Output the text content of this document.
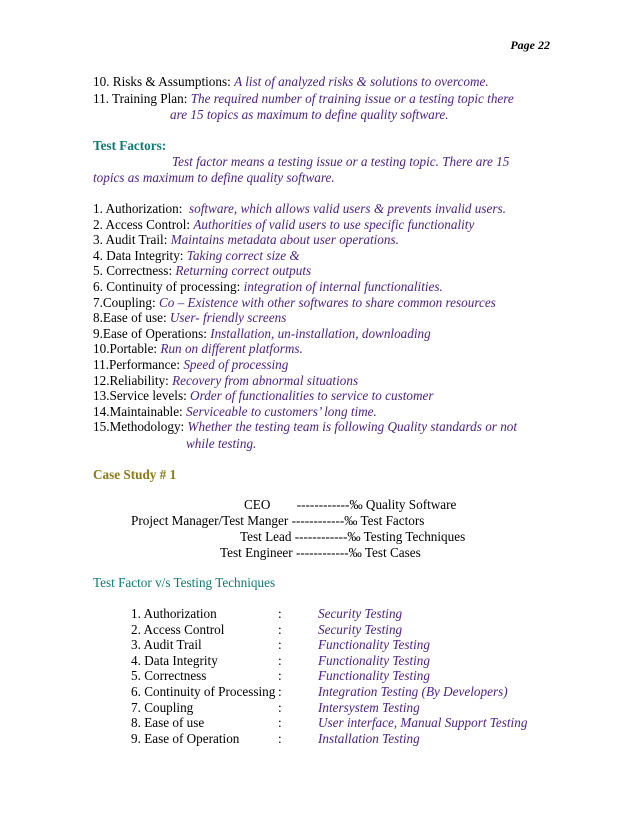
Page 22
10. Risks & Assumptions: A list of analyzed risks & solutions to overcome.
11. Training Plan: The required number of training issue or a testing topic there
are 15 topics as maximum to define quality software.
Test Factors:
Test factor means a testing issue or a testing topic. There are 15
topics as maximum to define quality software.
1. Authorization:  software, which allows valid users & prevents invalid users.
2. Access Control: Authorities of valid users to use specific functionality
3. Audit Trail: Maintains metadata about user operations.
4. Data Integrity: Taking correct size &
5. Correctness: Returning correct outputs
6. Continuity of processing: integration of internal functionalities.
7.Coupling: Co – Existence with other softwares to share common resources
8.Ease of use: User- friendly screens
9.Ease of Operations: Installation, un-installation, downloading
10.Portable: Run on different platforms.
11.Performance: Speed of processing
12.Reliability: Recovery from abnormal situations
13.Service levels: Order of functionalities to service to customer
14.Maintainable: Serviceable to customers’ long time.
15.Methodology: Whether the testing team is following Quality standards or not
while testing.
Case Study # 1
CEO        ------------‰ Quality Software
Project Manager/Test Manger ------------‰ Test Factors
Test Lead ------------‰ Testing Techniques
Test Engineer ------------‰ Test Cases
Test Factor v/s Testing Techniques
1. Authorization	:	Security Testing
2. Access Control	:	Security Testing
3. Audit Trail	:	Functionality Testing
4. Data Integrity	:	Functionality Testing
5. Correctness	:	Functionality Testing
6. Continuity of Processing :	Integration Testing (By Developers)
7. Coupling	:	Intersystem Testing
8. Ease of use	:	User interface, Manual Support Testing
9. Ease of Operation	:	Installation Testing
